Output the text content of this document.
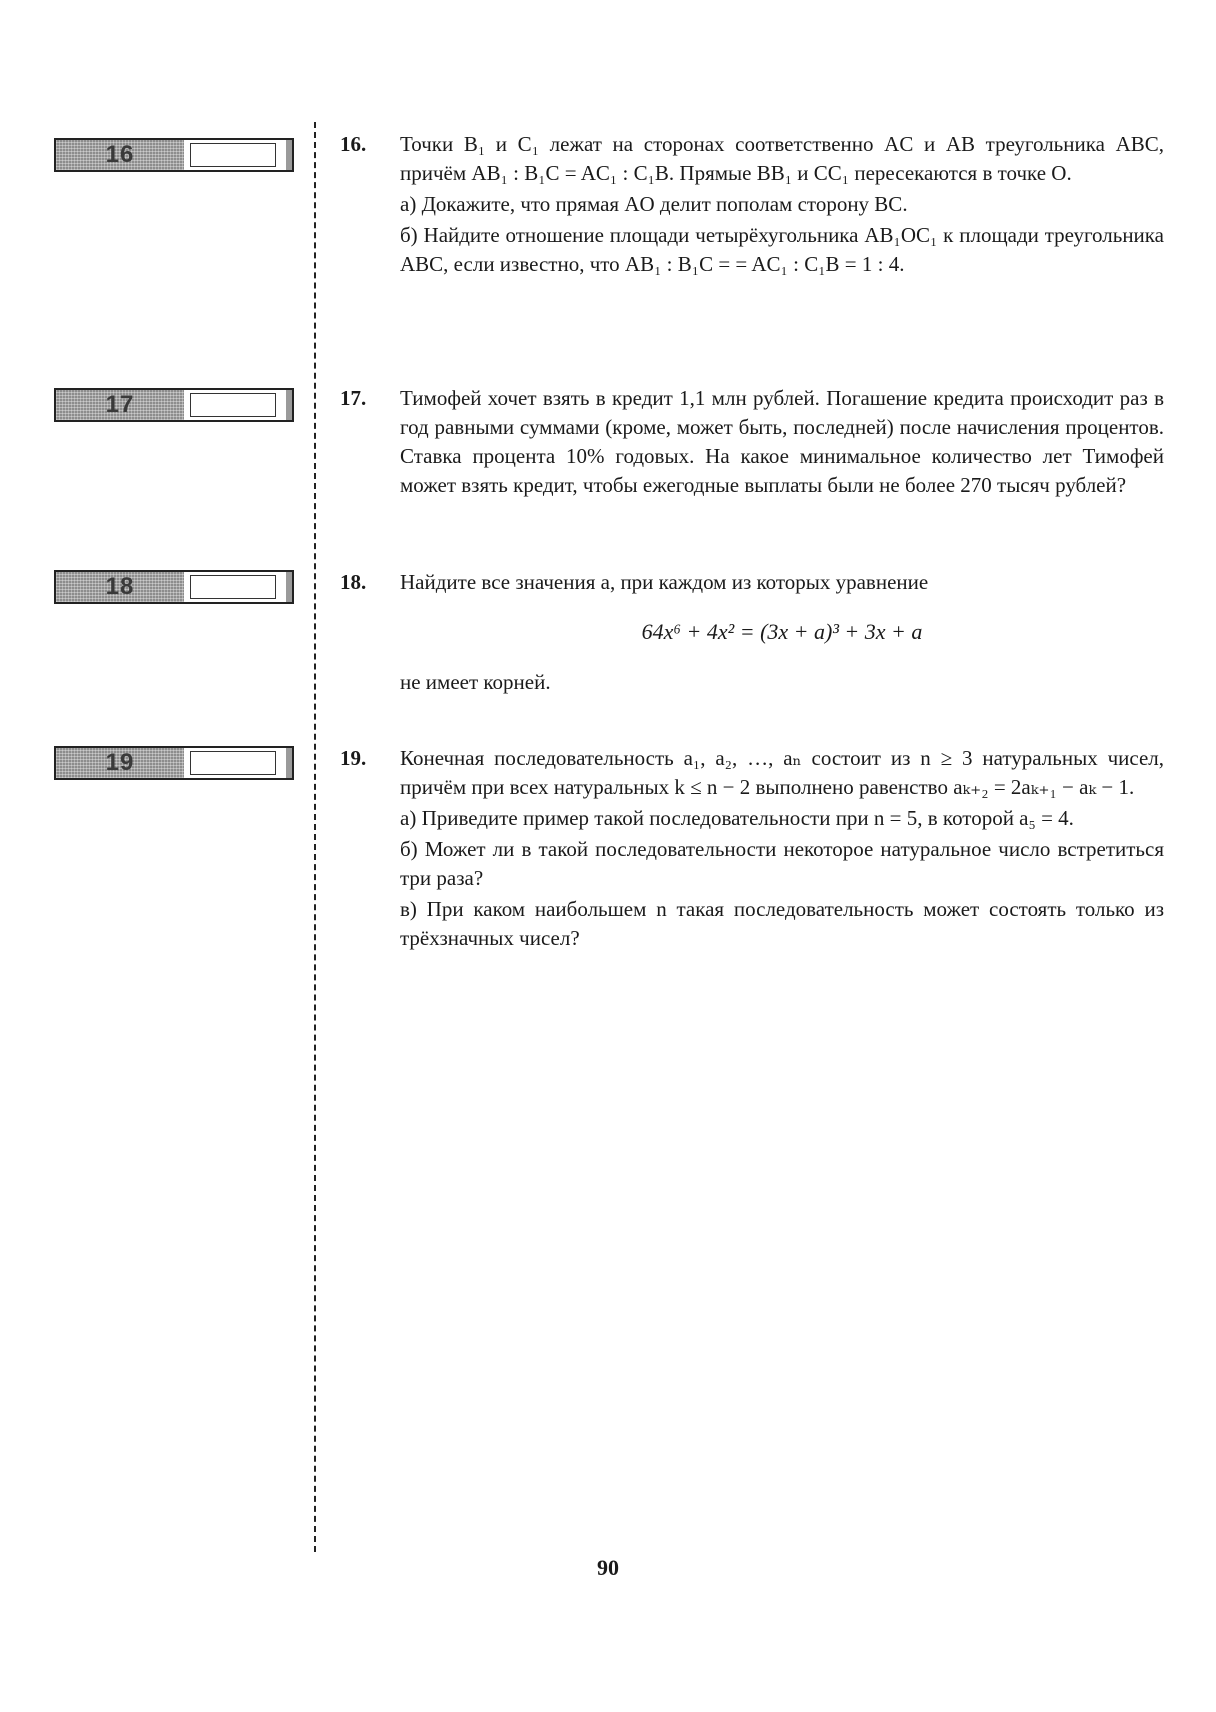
16
17
18
19
16. Точки B₁ и C₁ лежат на сторонах соответственно AC и AB треугольника ABC, причём AB₁ : B₁C = AC₁ : C₁B. Прямые BB₁ и CC₁ пересекаются в точке O.

а) Докажите, что прямая AO делит пополам сторону BC.

б) Найдите отношение площади четырёхугольника AB₁OC₁ к площади треугольника ABC, если известно, что AB₁ : B₁C = = AC₁ : C₁B = 1 : 4.

17. Тимофей хочет взять в кредит 1,1 млн рублей. Погашение кредита происходит раз в год равными суммами (кроме, может быть, последней) после начисления процентов. Ставка процента 10% годовых. На какое минимальное количество лет Тимофей может взять кредит, чтобы ежегодные выплаты были не более 270 тысяч рублей?

18. Найдите все значения a, при каждом из которых уравнение

64x⁶ + 4x² = (3x + a)³ + 3x + a

не имеет корней.

19. Конечная последовательность a₁, a₂, …, aₙ состоит из n ≥ 3 натуральных чисел, причём при всех натуральных k ≤ n − 2 выполнено равенство aₖ₊₂ = 2aₖ₊₁ − aₖ − 1.

а) Приведите пример такой последовательности при n = 5, в которой a₅ = 4.

б) Может ли в такой последовательности некоторое натуральное число встретиться три раза?

в) При каком наибольшем n такая последовательность может состоять только из трёхзначных чисел?

90
